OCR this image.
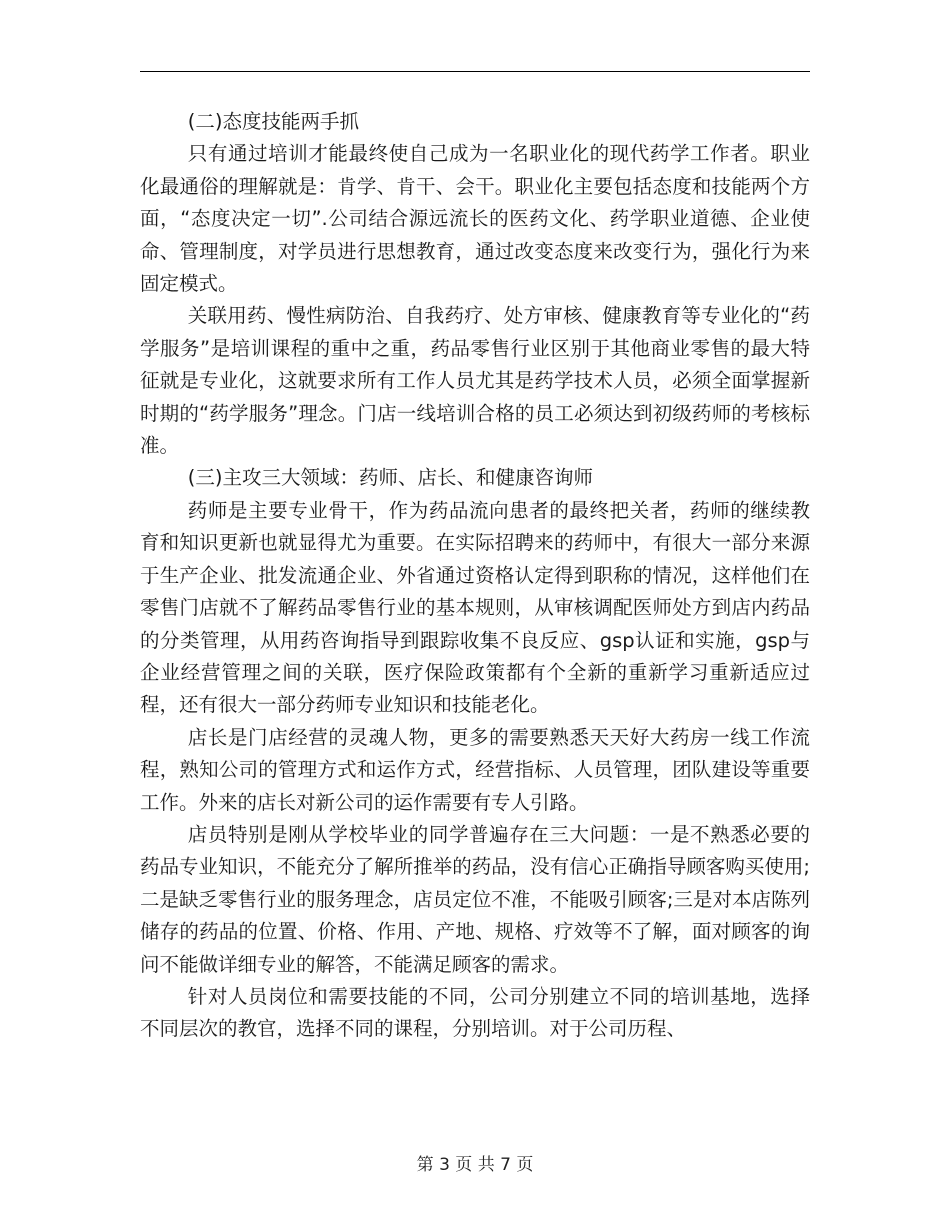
(二)态度技能两手抓

只有通过培训才能最终使自己成为一名职业化的现代药学工作者。职业化最通俗的理解就是：肯学、肯干、会干。职业化主要包括态度和技能两个方面，“态度决定一切”.公司结合源远流长的医药文化、药学职业道德、企业使命、管理制度，对学员进行思想教育，通过改变态度来改变行为，强化行为来固定模式。

关联用药、慢性病防治、自我药疗、处方审核、健康教育等专业化的“药学服务”是培训课程的重中之重，药品零售行业区别于其他商业零售的最大特征就是专业化，这就要求所有工作人员尤其是药学技术人员，必须全面掌握新时期的“药学服务”理念。门店一线培训合格的员工必须达到初级药师的考核标准。

(三)主攻三大领域：药师、店长、和健康咨询师

药师是主要专业骨干，作为药品流向患者的最终把关者，药师的继续教育和知识更新也就显得尤为重要。在实际招聘来的药师中，有很大一部分来源于生产企业、批发流通企业、外省通过资格认定得到职称的情况，这样他们在零售门店就不了解药品零售行业的基本规则，从审核调配医师处方到店内药品的分类管理，从用药咨询指导到跟踪收集不良反应、gsp认证和实施，gsp与企业经营管理之间的关联，医疗保险政策都有个全新的重新学习重新适应过程，还有很大一部分药师专业知识和技能老化。

店长是门店经营的灵魂人物，更多的需要熟悉天天好大药房一线工作流程，熟知公司的管理方式和运作方式，经营指标、人员管理，团队建设等重要工作。外来的店长对新公司的运作需要有专人引路。

店员特别是刚从学校毕业的同学普遍存在三大问题：一是不熟悉必要的药品专业知识，不能充分了解所推举的药品，没有信心正确指导顾客购买使用;二是缺乏零售行业的服务理念，店员定位不准，不能吸引顾客;三是对本店陈列储存的药品的位置、价格、作用、产地、规格、疗效等不了解，面对顾客的询问不能做详细专业的解答，不能满足顾客的需求。

针对人员岗位和需要技能的不同，公司分别建立不同的培训基地，选择不同层次的教官，选择不同的课程，分别培训。对于公司历程、

第 3 页 共 7 页
